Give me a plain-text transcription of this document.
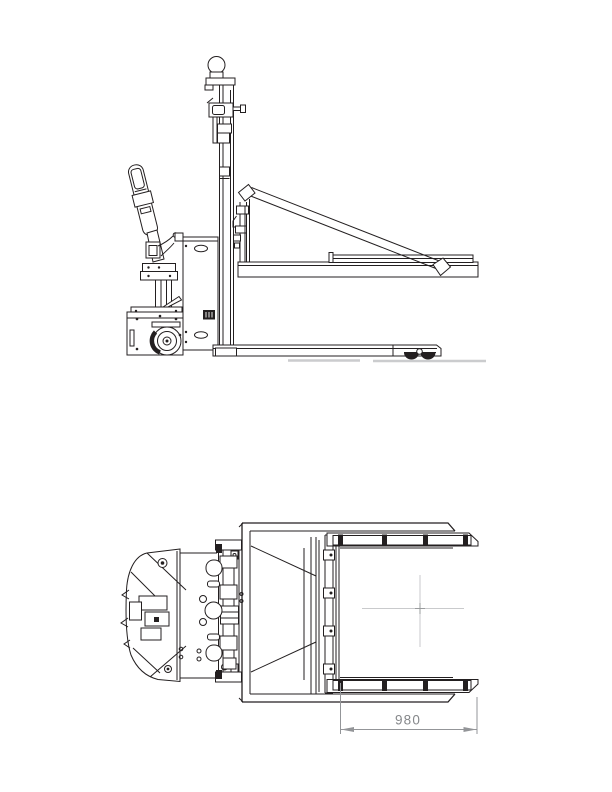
980
